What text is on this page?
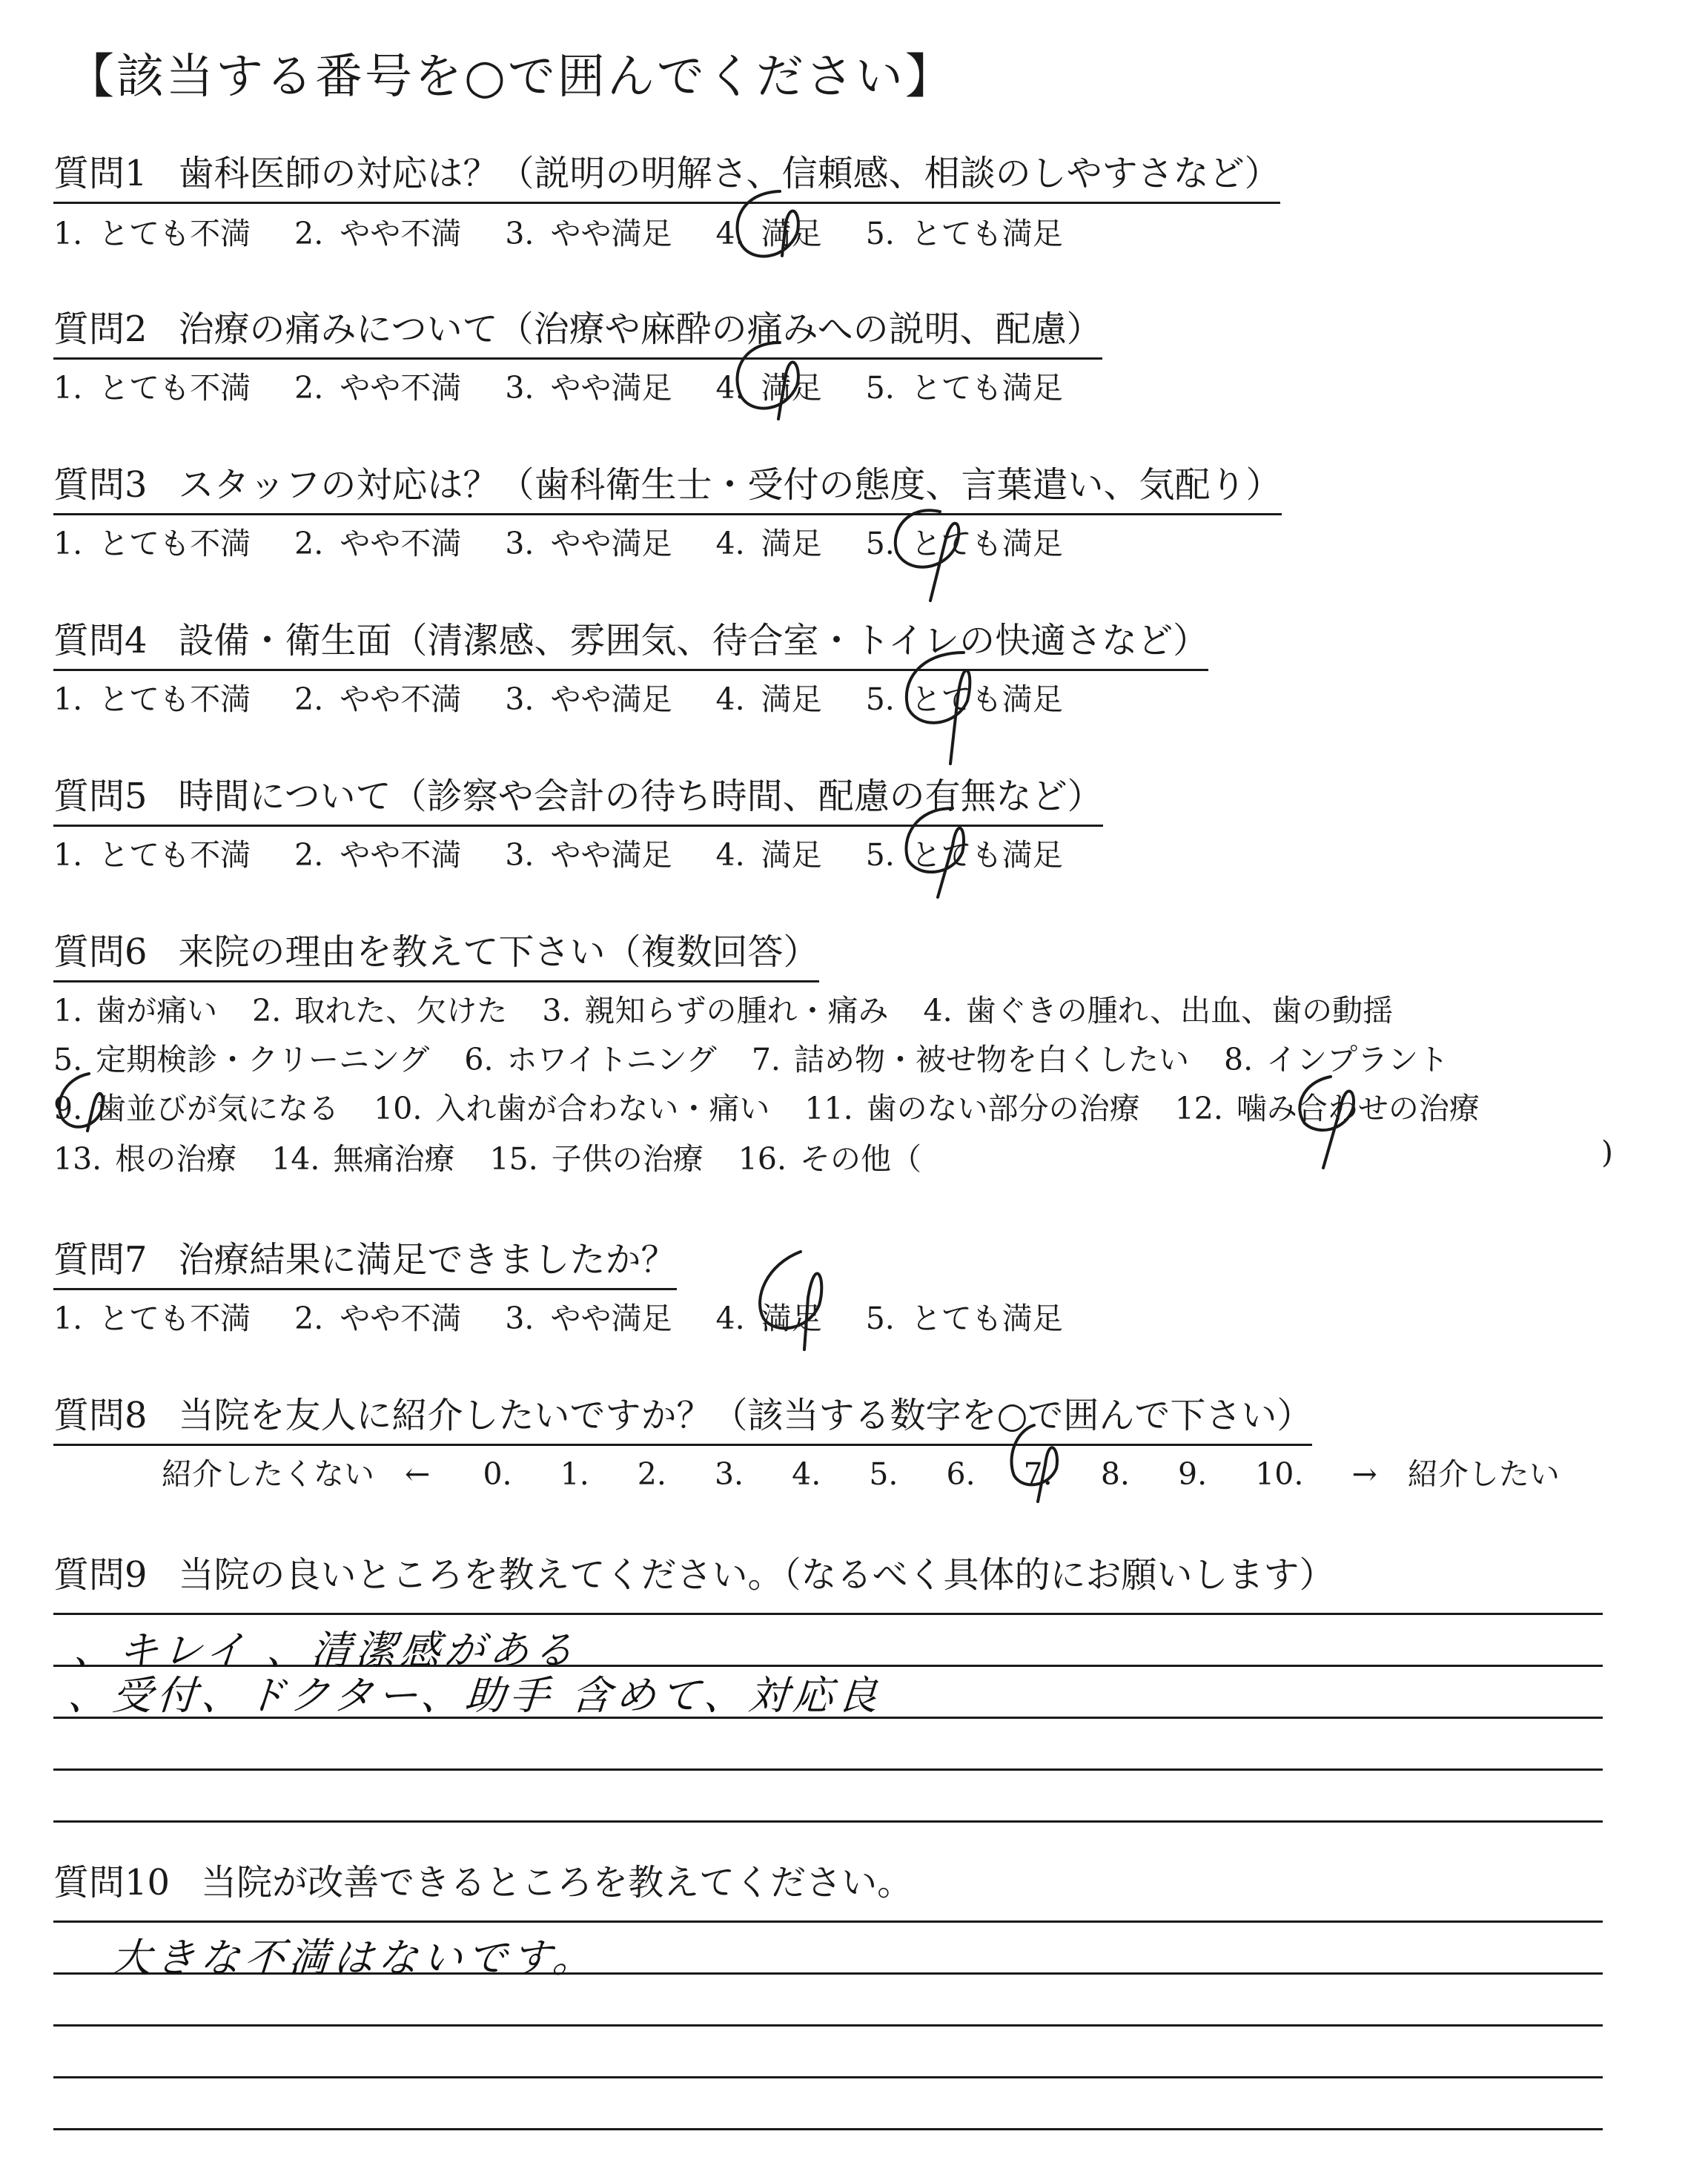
【該当する番号を○で囲んでください】
質問1 歯科医師の対応は？（説明の明解さ、信頼感、相談のしやすさなど）
1. とても不満 2. やや不満 3. やや満足 4. 満足 5. とても満足
質問2 治療の痛みについて（治療や麻酔の痛みへの説明、配慮）
1. とても不満 2. やや不満 3. やや満足 4. 満足 5. とても満足
質問3 スタッフの対応は？（歯科衛生士・受付の態度、言葉遣い、気配り）
1. とても不満 2. やや不満 3. やや満足 4. 満足 5. とても満足
質問4 設備・衛生面（清潔感、雰囲気、待合室・トイレの快適さなど）
1. とても不満 2. やや不満 3. やや満足 4. 満足 5. とても満足
質問5 時間について（診察や会計の待ち時間、配慮の有無など）
1. とても不満 2. やや不満 3. やや満足 4. 満足 5. とても満足
質問6 来院の理由を教えて下さい（複数回答）
1. 歯が痛い 2. 取れた、欠けた 3. 親知らずの腫れ・痛み 4. 歯ぐきの腫れ、出血、歯の動揺
5. 定期検診・クリーニング 6. ホワイトニング 7. 詰め物・被せ物を白くしたい 8. インプラント
9. 歯並びが気になる 10. 入れ歯が合わない・痛い 11. 歯のない部分の治療 12. 噛み合わせの治療
13. 根の治療 14. 無痛治療 15. 子供の治療 16. その他（	)
質問7 治療結果に満足できましたか？
1. とても不満 2. やや不満 3. やや満足 4. 満足 5. とても満足
質問8 当院を友人に紹介したいですか？（該当する数字を○で囲んで下さい）
紹介したくない ← 0. 1. 2. 3. 4. 5. 6. 7. 8. 9. 10. → 紹介したい
質問9 当院の良いところを教えてください。（なるべく具体的にお願いします）
、キレイ 、清潔感がある
、受付、ドクター、助手 含めて、対応良
質問10 当院が改善できるところを教えてください。
大きな不満はないです。
